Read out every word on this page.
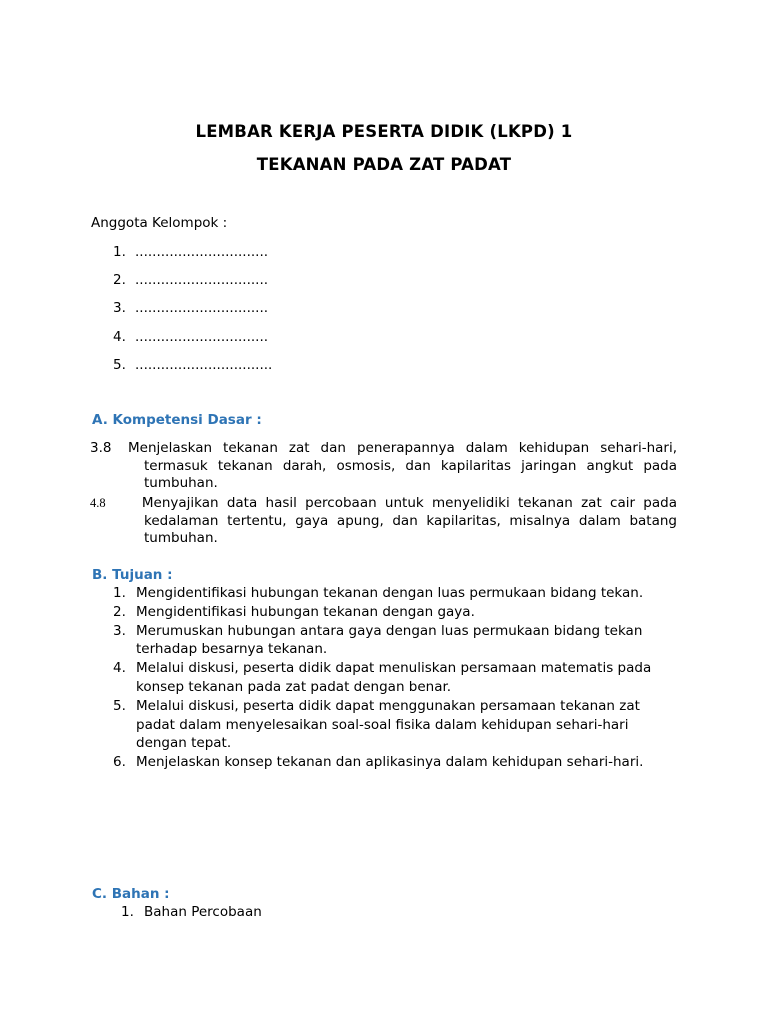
LEMBAR KERJA PESERTA DIDIK (LKPD) 1
TEKANAN PADA ZAT PADAT
Anggota Kelompok :
1. ...............................
2. ...............................
3. ...............................
4. ...............................
5. ................................
A. Kompetensi Dasar :
3.8 Menjelaskan tekanan zat dan penerapannya dalam kehidupan sehari-hari, termasuk tekanan darah, osmosis, dan kapilaritas jaringan angkut pada tumbuhan.
4.8	Menyajikan data hasil percobaan untuk menyelidiki tekanan zat cair pada kedalaman tertentu, gaya apung, dan kapilaritas, misalnya dalam batang tumbuhan.
B. Tujuan :
1. Mengidentifikasi hubungan tekanan dengan luas permukaan bidang tekan.
2. Mengidentifikasi hubungan tekanan dengan gaya.
3. Merumuskan hubungan antara gaya dengan luas permukaan bidang tekan terhadap besarnya tekanan.
4. Melalui diskusi, peserta didik dapat menuliskan persamaan matematis pada konsep tekanan pada zat padat dengan benar.
5. Melalui diskusi, peserta didik dapat menggunakan persamaan tekanan zat padat dalam menyelesaikan soal-soal fisika dalam kehidupan sehari-hari dengan tepat.
6. Menjelaskan konsep tekanan dan aplikasinya dalam kehidupan sehari-hari.
C. Bahan :
1. Bahan Percobaan
